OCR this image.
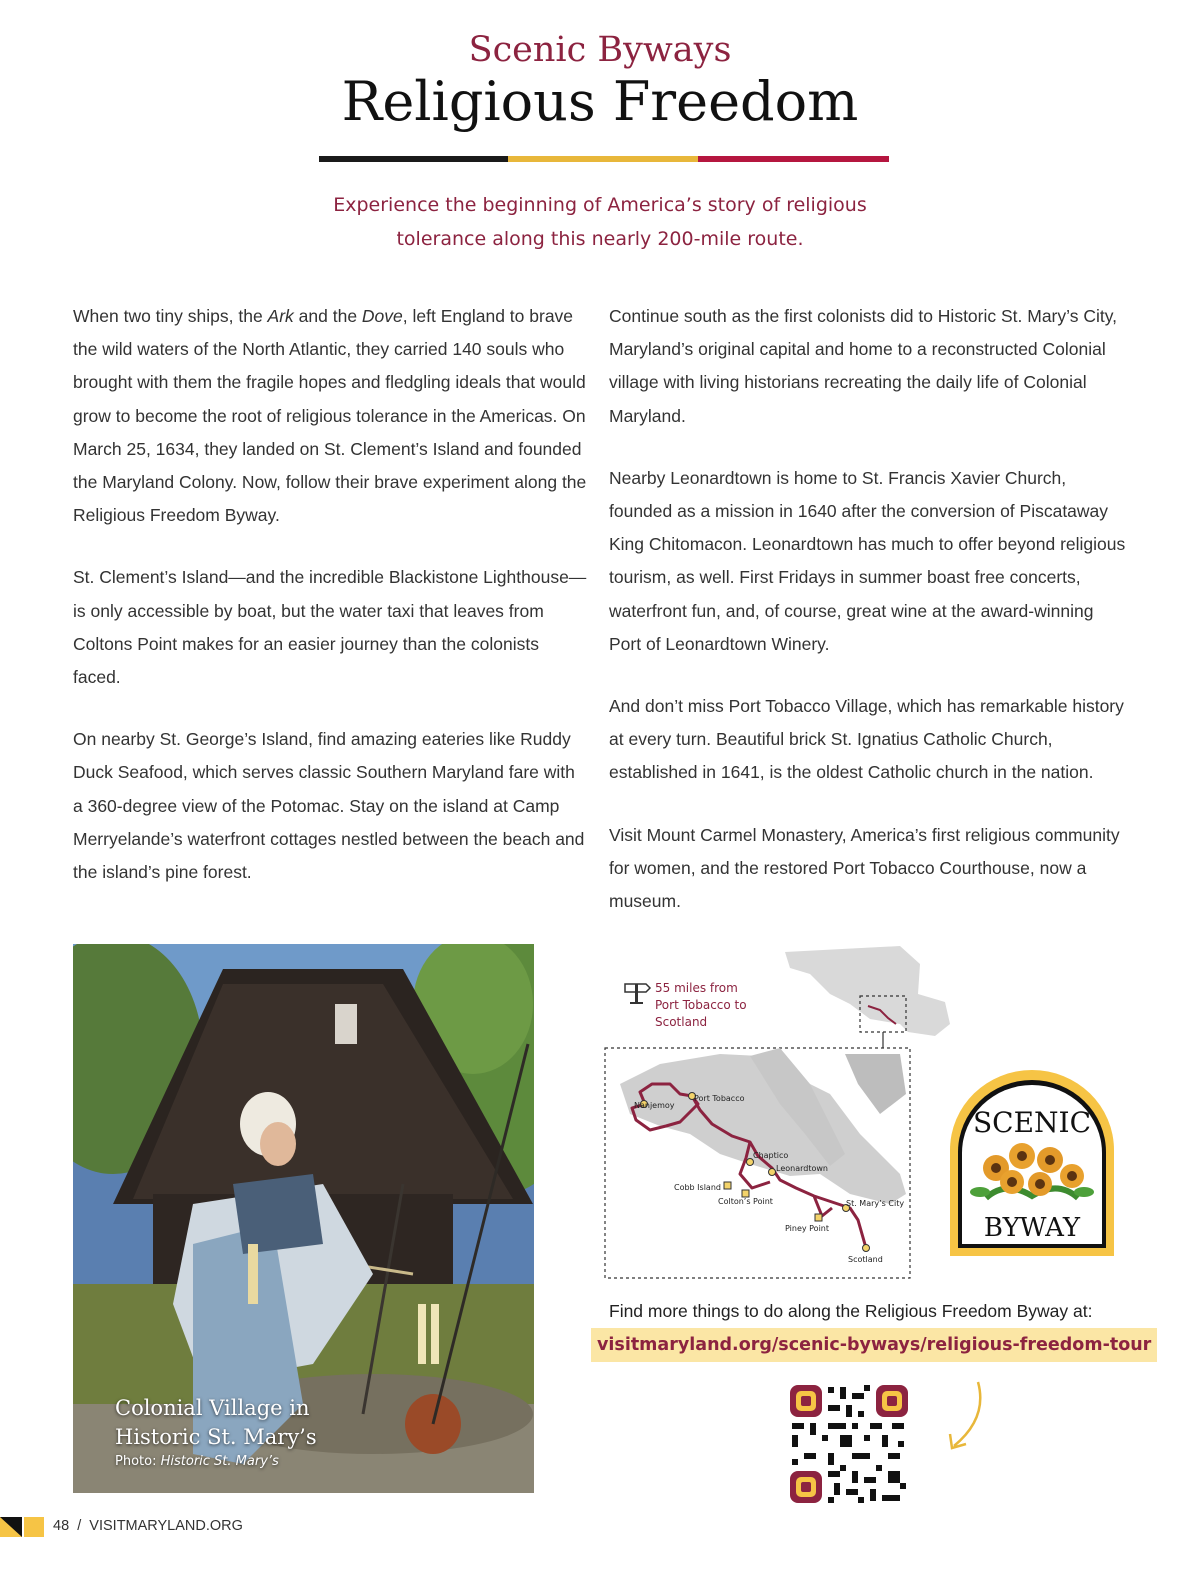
Scenic Byways
Religious Freedom
Experience the beginning of America’s story of religious
tolerance along this nearly 200-mile route.

When two tiny ships, the Ark and the Dove, left England to brave the wild waters of the North Atlantic, they carried 140 souls who brought with them the fragile hopes and fledgling ideals that would grow to become the root of religious tolerance in the Americas. On March 25, 1634, they landed on St. Clement’s Island and founded the Maryland Colony. Now, follow their brave experiment along the Religious Freedom Byway.

St. Clement’s Island—and the incredible Blackistone Lighthouse—is only accessible by boat, but the water taxi that leaves from Coltons Point makes for an easier journey than the colonists faced.

On nearby St. George’s Island, find amazing eateries like Ruddy Duck Seafood, which serves classic Southern Maryland fare with a 360-degree view of the Potomac. Stay on the island at Camp Merryelande’s waterfront cottages nestled between the beach and the island’s pine forest.

Continue south as the first colonists did to Historic St. Mary’s City, Maryland’s original capital and home to a reconstructed Colonial village with living historians recreating the daily life of Colonial Maryland.

Nearby Leonardtown is home to St. Francis Xavier Church, founded as a mission in 1640 after the conversion of Piscataway King Chitomacon. Leonardtown has much to offer beyond religious tourism, as well. First Fridays in summer boast free concerts, waterfront fun, and, of course, great wine at the award-winning Port of Leonardtown Winery.

And don’t miss Port Tobacco Village, which has remarkable history at every turn. Beautiful brick St. Ignatius Catholic Church, established in 1641, is the oldest Catholic church in the nation.

Visit Mount Carmel Monastery, America’s first religious community for women, and the restored Port Tobacco Courthouse, now a museum.

Colonial Village in
Historic St. Mary’s
Photo: Historic St. Mary’s
Nanjemoy
Port Tobacco
Chaptico
Leonardtown
Cobb Island
Colton’s Point	St. Mary’s City
Piney Point
Scotland
55 miles from
Port Tobacco to
Scotland
SCENIC
BYWAY
Find more things to do along the Religious Freedom Byway at:
visitmaryland.org/scenic-byways/religious-freedom-tour
48 / VISITMARYLAND.ORG
